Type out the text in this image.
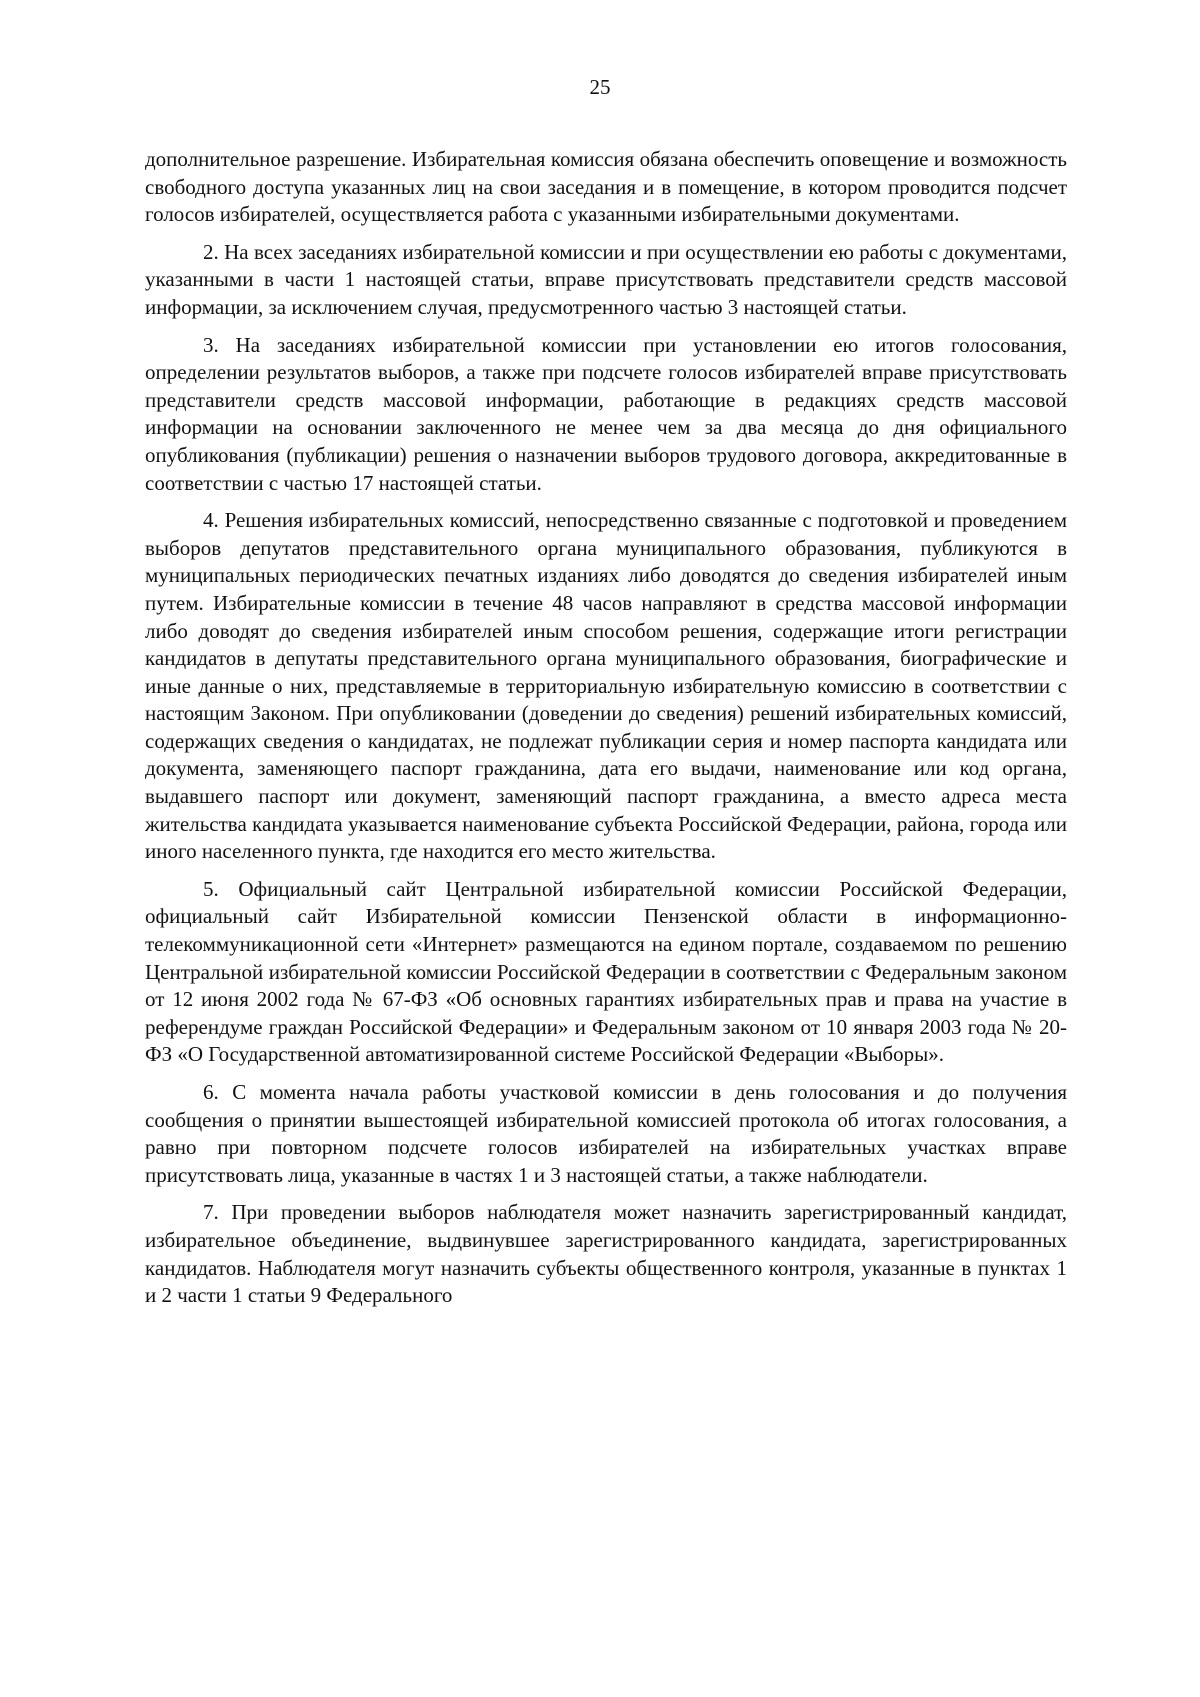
25

дополнительное разрешение. Избирательная комиссия обязана обеспечить оповещение и возможность свободного доступа указанных лиц на свои заседания и в помещение, в котором проводится подсчет голосов избирателей, осуществляется работа с указанными избирательными документами.

2. На всех заседаниях избирательной комиссии и при осуществлении ею работы с документами, указанными в части 1 настоящей статьи, вправе присутствовать представители средств массовой информации, за исключением случая, предусмотренного частью 3 настоящей статьи.

3. На заседаниях избирательной комиссии при установлении ею итогов голосования, определении результатов выборов, а также при подсчете голосов избирателей вправе присутствовать представители средств массовой информации, работающие в редакциях средств массовой информации на основании заключенного не менее чем за два месяца до дня официального опубликования (публикации) решения о назначении выборов трудового договора, аккредитованные в соответствии с частью 17 настоящей статьи.

4. Решения избирательных комиссий, непосредственно связанные с подготовкой и проведением выборов депутатов представительного органа муниципального образования, публикуются в муниципальных периодических печатных изданиях либо доводятся до сведения избирателей иным путем. Избирательные комиссии в течение 48 часов направляют в средства массовой информации либо доводят до сведения избирателей иным способом решения, содержащие итоги регистрации кандидатов в депутаты представительного органа муниципального образования, биографические и иные данные о них, представляемые в территориальную избирательную комиссию в соответствии с настоящим Законом. При опубликовании (доведении до сведения) решений избирательных комиссий, содержащих сведения о кандидатах, не подлежат публикации серия и номер паспорта кандидата или документа, заменяющего паспорт гражданина, дата его выдачи, наименование или код органа, выдавшего паспорт или документ, заменяющий паспорт гражданина, а вместо адреса места жительства кандидата указывается наименование субъекта Российской Федерации, района, города или иного населенного пункта, где находится его место жительства.

5. Официальный сайт Центральной избирательной комиссии Российской Федерации, официальный сайт Избирательной комиссии Пензенской области в информационно-телекоммуникационной сети «Интернет» размещаются на едином портале, создаваемом по решению Центральной избирательной комиссии Российской Федерации в соответствии с Федеральным законом от 12 июня 2002 года № 67-ФЗ «Об основных гарантиях избирательных прав и права на участие в референдуме граждан Российской Федерации» и Федеральным законом от 10 января 2003 года № 20-ФЗ «О Государственной автоматизированной системе Российской Федерации «Выборы».

6. С момента начала работы участковой комиссии в день голосования и до получения сообщения о принятии вышестоящей избирательной комиссией протокола об итогах голосования, а равно при повторном подсчете голосов избирателей на избирательных участках вправе присутствовать лица, указанные в частях 1 и 3 настоящей статьи, а также наблюдатели.

7. При проведении выборов наблюдателя может назначить зарегистрированный кандидат, избирательное объединение, выдвинувшее зарегистрированного кандидата, зарегистрированных кандидатов. Наблюдателя могут назначить субъекты общественного контроля, указанные в пунктах 1 и 2 части 1 статьи 9 Федерального
